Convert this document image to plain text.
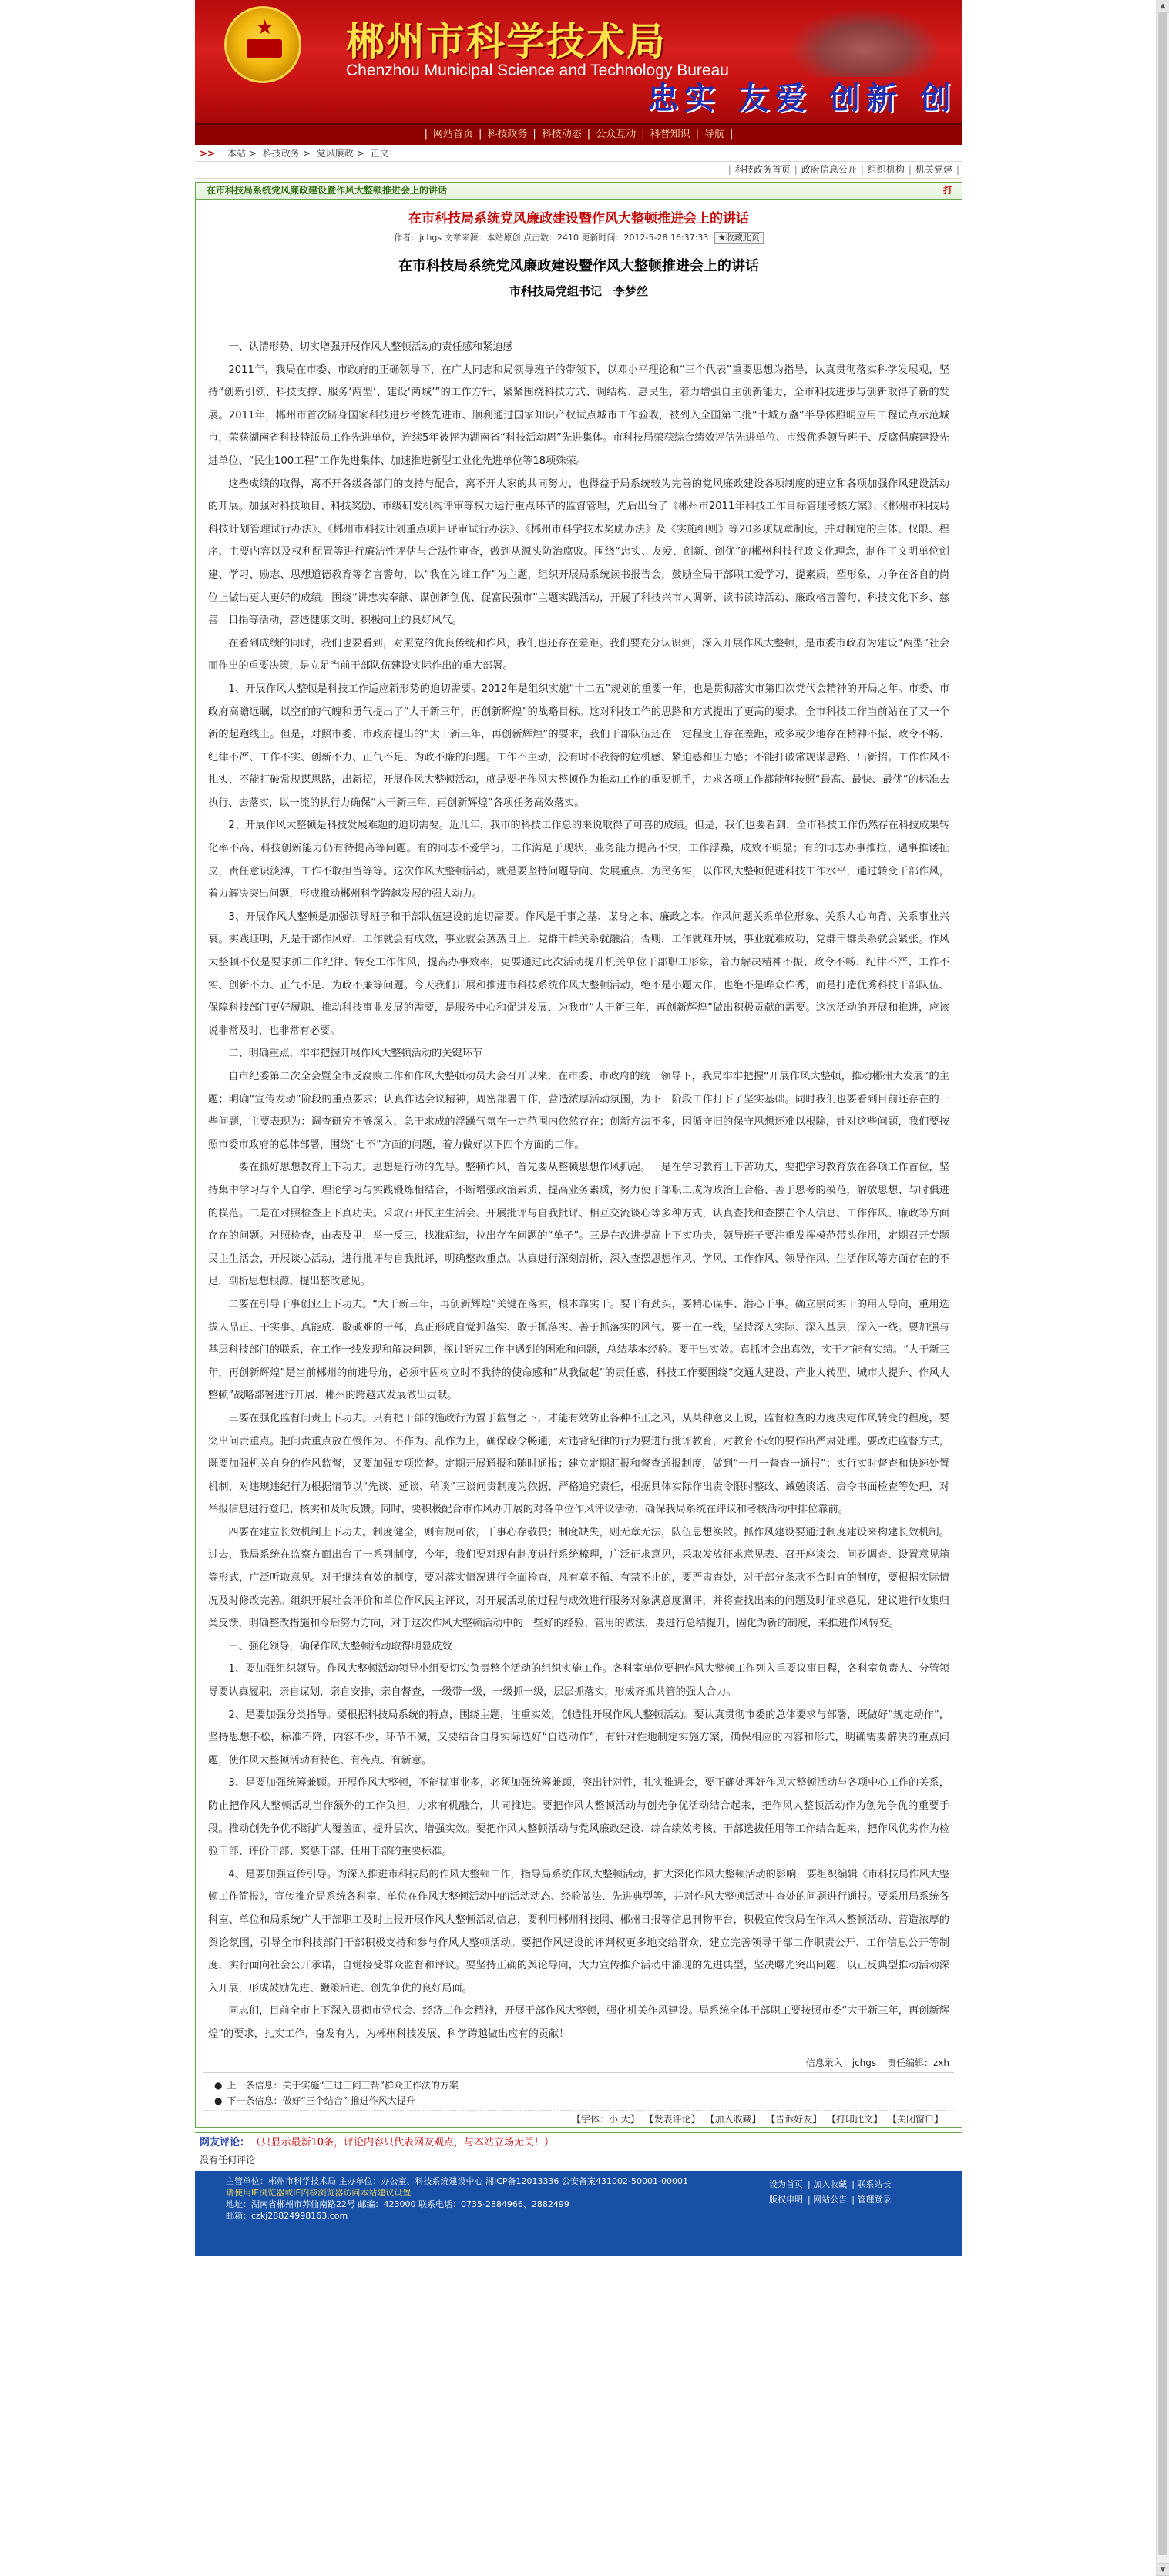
★ 郴州市科学技术局
Chenzhou Municipal Science and Technology Bureau
忠实 友爱 创新 创
| 网站首页 | 科技政务 | 科技动态 | 公众互动 | 科普知识 | 导航 |
>> 本站 > 科技政务 > 党风廉政 > 正文
| 科技政务首页 | 政府信息公开 | 组织机构 | 机关党建 |
在市科技局系统党风廉政建设暨作风大整顿推进会上的讲话	打
在市科技局系统党风廉政建设暨作风大整顿推进会上的讲话
作者：jchgs 文章来源：本站原创 点击数：2410 更新时间：2012-5-28 16:37:33 ★收藏此页
在市科技局系统党风廉政建设暨作风大整顿推进会上的讲话
市科技局党组书记　李梦丝

一、认清形势、切实增强开展作风大整顿活动的责任感和紧迫感

2011年，我局在市委、市政府的正确领导下，在广大同志和局领导班子的带领下，以邓小平理论和“三个代表”重要思想为指导，认真贯彻落实科学发展观，坚持“创新引领、科技支撑、服务‘两型’、建设‘两城’”的工作方针，紧紧围绕科技方式、调结构、惠民生，着力增强自主创新能力，全市科技进步与创新取得了新的发展。2011年，郴州市首次跻身国家科技进步考核先进市、顺利通过国家知识产权试点城市工作验收，被列入全国第二批“十城万盏”半导体照明应用工程试点示范城市，荣获湖南省科技特派员工作先进单位，连续5年被评为湖南省“科技活动周”先进集体。市科技局荣获综合绩效评估先进单位、市级优秀领导班子、反腐倡廉建设先进单位、“民生100工程”工作先进集体、加速推进新型工业化先进单位等18项殊荣。

这些成绩的取得，离不开各级各部门的支持与配合，离不开大家的共同努力，也得益于局系统较为完善的党风廉政建设各项制度的建立和各项加强作风建设活动的开展。加强对科技项目、科技奖励、市级研发机构评审等权力运行重点环节的监督管理，先后出台了《郴州市2011年科技工作目标管理考核方案》、《郴州市科技局科技计划管理试行办法》、《郴州市科技计划重点项目评审试行办法》、《郴州市科学技术奖励办法》及《实施细则》等20多项规章制度，并对制定的主体、权限、程序、主要内容以及权利配置等进行廉洁性评估与合法性审查，做到从源头防治腐败。围绕“忠实、友爱、创新、创优”的郴州科技行政文化理念，制作了文明单位创建、学习、励志、思想道德教育等名言警句，以“我在为谁工作”为主题，组织开展局系统读书报告会，鼓励全局干部职工爱学习，提素质，塑形象，力争在各自的岗位上做出更大更好的成绩。围绕“讲忠实奉献、谋创新创优、促富民强市”主题实践活动，开展了科技兴市大调研、读书读诗活动、廉政格言警句、科技文化下乡、慈善一日捐等活动，营造健康文明、积极向上的良好风气。

在看到成绩的同时，我们也要看到，对照党的优良传统和作风，我们也还存在差距。我们要充分认识到，深入开展作风大整顿，是市委市政府为建设“两型”社会而作出的重要决策，是立足当前干部队伍建设实际作出的重大部署。

1、开展作风大整顿是科技工作适应新形势的迫切需要。2012年是组织实施“十二五”规划的重要一年，也是贯彻落实市第四次党代会精神的开局之年。市委、市政府高瞻远瞩，以空前的气魄和勇气提出了“大干新三年，再创新辉煌”的战略目标。这对科技工作的思路和方式提出了更高的要求。全市科技工作当前站在了又一个新的起跑线上。但是，对照市委、市政府提出的“大干新三年，再创新辉煌”的要求，我们干部队伍还在一定程度上存在差距，或多或少地存在精神不振、政令不畅、纪律不严、工作不实、创新不力、正气不足、为政不廉的问题。工作不主动，没有时不我待的危机感、紧迫感和压力感；不能打破常规谋思路、出新招。工作作风不扎实，不能打破常规谋思路，出新招，开展作风大整顿活动，就是要把作风大整顿作为推动工作的重要抓手，力求各项工作都能够按照“最高、最快、最优”的标准去执行、去落实，以一流的执行力确保“大干新三年，再创新辉煌”各项任务高效落实。

2、开展作风大整顿是科技发展难题的迫切需要。近几年，我市的科技工作总的来说取得了可喜的成绩。但是，我们也要看到，全市科技工作仍然存在科技成果转化率不高、科技创新能力仍有待提高等问题。有的同志不爱学习，工作满足于现状，业务能力提高不快，工作浮躁，成效不明显；有的同志办事推拉、遇事推诿扯皮，责任意识淡薄，工作不敢担当等等。这次作风大整顿活动，就是要坚持问题导向、发展重点、为民务实，以作风大整顿促进科技工作水平，通过转变干部作风，着力解决突出问题，形成推动郴州科学跨越发展的强大动力。

3、开展作风大整顿是加强领导班子和干部队伍建设的迫切需要。作风是干事之基、谋身之本、廉政之本。作风问题关系单位形象、关系人心向背、关系事业兴衰。实践证明，凡是干部作风好，工作就会有成效，事业就会蒸蒸日上，党群干群关系就融洽；否则，工作就难开展，事业就难成功，党群干群关系就会紧张。作风大整顿不仅是要求抓工作纪律、转变工作作风，提高办事效率，更要通过此次活动提升机关单位干部职工形象，着力解决精神不振、政令不畅、纪律不严、工作不实、创新不力、正气不足、为政不廉等问题。今天我们开展和推进市科技系统作风大整顿活动，绝不是小题大作，也绝不是哗众作秀，而是打造优秀科技干部队伍、保障科技部门更好履职、推动科技事业发展的需要，是服务中心和促进发展、为我市“大干新三年，再创新辉煌”做出积极贡献的需要。这次活动的开展和推进，应该说非常及时，也非常有必要。

二、明确重点，牢牢把握开展作风大整顿活动的关键环节

自市纪委第二次全会暨全市反腐败工作和作风大整顿动员大会召开以来，在市委、市政府的统一领导下，我局牢牢把握“开展作风大整顿，推动郴州大发展”的主题；明确“宣传发动”阶段的重点要求；认真作达会议精神，周密部署工作，营造浓厚活动氛围，为下一阶段工作打下了坚实基础。同时我们也要看到目前还存在的一些问题，主要表现为：调查研究不够深入，急于求成的浮躁气氛在一定范围内依然存在；创新方法不多，因循守旧的保守思想还难以根除，针对这些问题，我们要按照市委市政府的总体部署，围绕“七不”方面的问题，着力做好以下四个方面的工作。

一要在抓好思想教育上下功夫。思想是行动的先导。整顿作风，首先要从整顿思想作风抓起。一是在学习教育上下苦功夫，要把学习教育放在各项工作首位，坚持集中学习与个人自学、理论学习与实践锻炼相结合，不断增强政治素质、提高业务素质，努力使干部职工成为政治上合格、善于思考的模范，解放思想、与时俱进的模范。二是在对照检查上下真功夫。采取召开民主生活会、开展批评与自我批评、相互交流谈心等多种方式，认真查找和查摆在个人信息、工作作风、廉政等方面存在的问题。对照检查，由表及里，举一反三，找准症结，拉出存在问题的“单子”。三是在改进提高上下实功夫，领导班子要注重发挥模范带头作用，定期召开专题民主生活会，开展谈心活动，进行批评与自我批评，明确整改重点。认真进行深刻剖析，深入查摆思想作风、学风、工作作风、领导作风、生活作风等方面存在的不足，剖析思想根源，提出整改意见。

二要在引导干事创业上下功夫。“大干新三年，再创新辉煌”关键在落实，根本靠实干。要干有劲头，要精心谋事、潜心干事。确立崇尚实干的用人导向，重用选拔人品正、干实事、真能成、敢破难的干部，真正形成自觉抓落实、敢于抓落实、善于抓落实的风气。要干在一线，坚持深入实际、深入基层，深入一线。要加强与基层科技部门的联系，在工作一线发现和解决问题，探讨研究工作中遇到的困难和问题，总结基本经验。要干出实效。真抓才会出真效，实干才能有实绩。“大干新三年，再创新辉煌”是当前郴州的前进号角，必须牢固树立时不我待的使命感和“从我做起”的责任感，科技工作要围绕“交通大建设、产业大转型、城市大提升、作风大整顿”战略部署进行开展，郴州的跨越式发展做出贡献。

三要在强化监督问责上下功夫。只有把干部的施政行为置于监督之下，才能有效防止各种不正之风，从某种意义上说，监督检查的力度决定作风转变的程度，要突出问责重点。把问责重点放在慢作为、不作为、乱作为上，确保政令畅通，对违背纪律的行为要进行批评教育，对教育不改的要作出严肃处理。要改进监督方式，既要加强机关自身的作风监督，又要加强专项监督。定期开展通报和随时通报；建立定期汇报和督查通报制度，做到“一月一督查一通报”；实行实时督查和快速处置机制，对违规违纪行为根据情节以“先谈、延谈、稍谈”三谈问责制度为依据，严格追究责任，根据具体实际作出责令限时整改、诫勉谈话、责令书面检查等处理，对举报信息进行登记、核实和及时反馈。同时，要积极配合市作风办开展的对各单位作风评议活动，确保我局系统在评议和考核活动中排位靠前。

四要在建立长效机制上下功夫。制度健全，则有规可依，干事心存敬畏；制度缺失，则无章无法，队伍思想涣散。抓作风建设要通过制度建设来构建长效机制。过去，我局系统在监察方面出台了一系列制度，今年，我们要对现有制度进行系统梳理，广泛征求意见，采取发放征求意见表、召开座谈会、问卷调查、设置意见箱等形式，广泛听取意见。对于继续有效的制度，要对落实情况进行全面检查，凡有章不循、有禁不止的，要严肃查处，对于部分条款不合时宜的制度，要根据实际情况及时修改完善。组织开展社会评价和单位作风民主评议，对开展活动的过程与成效进行服务对象满意度测评，并将查找出来的问题及时征求意见，建议进行收集归类反馈，明确整改措施和今后努力方向，对于这次作风大整顿活动中的一些好的经验、管用的做法，要进行总结提升，固化为新的制度，来推进作风转变。

三、强化领导，确保作风大整顿活动取得明显成效

1、要加强组织领导。作风大整顿活动领导小组要切实负责整个活动的组织实施工作。各科室单位要把作风大整顿工作列入重要议事日程，各科室负责人、分管领导要认真履职，亲自谋划，亲自安排，亲自督查，一级带一级，一级抓一级，层层抓落实，形成齐抓共管的强大合力。

2、是要加强分类指导。要根据科技局系统的特点，围绕主题，注重实效，创造性开展作风大整顿活动。要认真贯彻市委的总体要求与部署，既做好“规定动作”，坚持思想不松，标准不降，内容不少，环节不减，又要结合自身实际选好“自选动作”，有针对性地制定实施方案，确保相应的内容和形式，明确需要解决的重点问题，使作风大整顿活动有特色、有亮点、有新意。

3、是要加强统筹兼顾。开展作风大整顿，不能扰事业多，必须加强统筹兼顾，突出针对性，扎实推进会，要正确处理好作风大整顿活动与各项中心工作的关系，防止把作风大整顿活动当作额外的工作负担，力求有机融合，共同推进。要把作风大整顿活动与创先争优活动结合起来，把作风大整顿活动作为创先争优的重要手段。推动创先争优不断扩大覆盖面、提升层次、增强实效。要把作风大整顿活动与党风廉政建设、综合绩效考核、干部选拔任用等工作结合起来，把作风优劣作为检验干部、评价干部、奖惩干部、任用干部的重要标准。

4、是要加强宣传引导。为深入推进市科技局的作风大整顿工作，指导局系统作风大整顿活动，扩大深化作风大整顿活动的影响，要组织编辑《市科技局作风大整顿工作简报》，宣传推介局系统各科室、单位在作风大整顿活动中的活动动态、经验做法、先进典型等，并对作风大整顿活动中查处的问题进行通报。要采用局系统各科室、单位和局系统广大干部职工及时上报开展作风大整顿活动信息，要利用郴州科技网、郴州日报等信息刊物平台，积极宣传我局在作风大整顿活动、营造浓厚的舆论氛围，引导全市科技部门干部积极支持和参与作风大整顿活动。要把作风建设的评判权更多地交给群众，建立完善领导干部工作职责公开、工作信息公开等制度，实行面向社会公开承诺，自觉接受群众监督和评议。要坚持正确的舆论导向，大力宣传推介活动中涌现的先进典型，坚决曝光突出问题，以正反典型推动活动深入开展，形成鼓励先进、鞭策后进、创先争优的良好局面。

同志们，目前全市上下深入贯彻市党代会、经济工作会精神，开展干部作风大整顿，强化机关作风建设。局系统全体干部职工要按照市委“大干新三年，再创新辉煌”的要求，扎实工作，奋发有为，为郴州科技发展、科学跨越做出应有的贡献！

信息录入：jchgs 责任编辑：zxh
● 上一条信息：关于实施“三进三问三帮”群众工作法的方案
● 下一条信息：做好“三个结合” 推进作风大提升
【字体：小 大】 【发表评论】 【加入收藏】 【告诉好友】 【打印此文】 【关闭窗口】
网友评论： （只显示最新10条，评论内容只代表网友观点，与本站立场无关！）
没有任何评论
主管单位：郴州市科学技术局 主办单位：办公室、科技系统建设中心 湘ICP备12013336 公安备案431002-50001-00001
请使用IE浏览器或IE内核浏览器访问本站建议设置
地址：湖南省郴州市苏仙南路22号 邮编：423000 联系电话：0735-2884966、2882499
邮箱：czkj28824998163.com
设为首页 | 加入收藏 | 联系站长
版权申明 | 网站公告 | 管理登录
▲
▼
